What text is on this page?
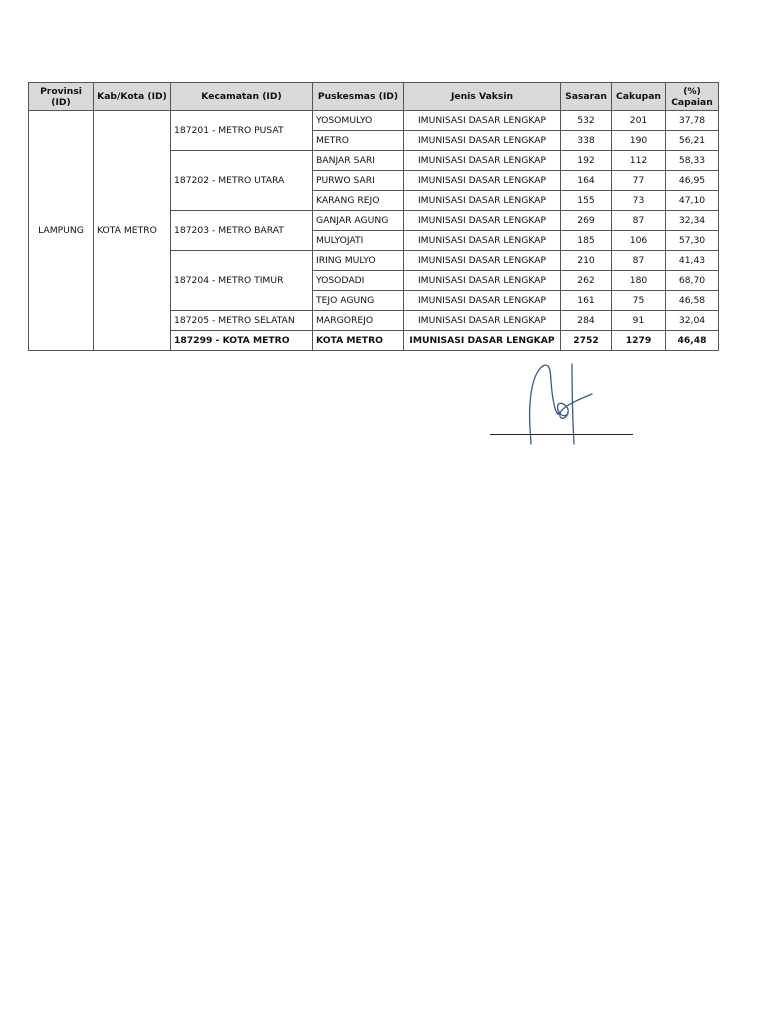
Provinsi (ID)	Kab/Kota (ID)	Kecamatan (ID)	Puskesmas (ID)	Jenis Vaksin	Sasaran	Cakupan	(%) Capaian
LAMPUNG	KOTA METRO	187201 - METRO PUSAT	YOSOMULYO	IMUNISASI DASAR LENGKAP	532	201	37,78
			METRO	IMUNISASI DASAR LENGKAP	338	190	56,21
		187202 - METRO UTARA	BANJAR SARI	IMUNISASI DASAR LENGKAP	192	112	58,33
			PURWO SARI	IMUNISASI DASAR LENGKAP	164	77	46,95
			KARANG REJO	IMUNISASI DASAR LENGKAP	155	73	47,10
		187203 - METRO BARAT	GANJAR AGUNG	IMUNISASI DASAR LENGKAP	269	87	32,34
			MULYOJATI	IMUNISASI DASAR LENGKAP	185	106	57,30
		187204 - METRO TIMUR	IRING MULYO	IMUNISASI DASAR LENGKAP	210	87	41,43
			YOSODADI	IMUNISASI DASAR LENGKAP	262	180	68,70
			TEJO AGUNG	IMUNISASI DASAR LENGKAP	161	75	46,58
		187205 - METRO SELATAN	MARGOREJO	IMUNISASI DASAR LENGKAP	284	91	32,04
		187299 - KOTA METRO	KOTA METRO	IMUNISASI DASAR LENGKAP	2752	1279	46,48
